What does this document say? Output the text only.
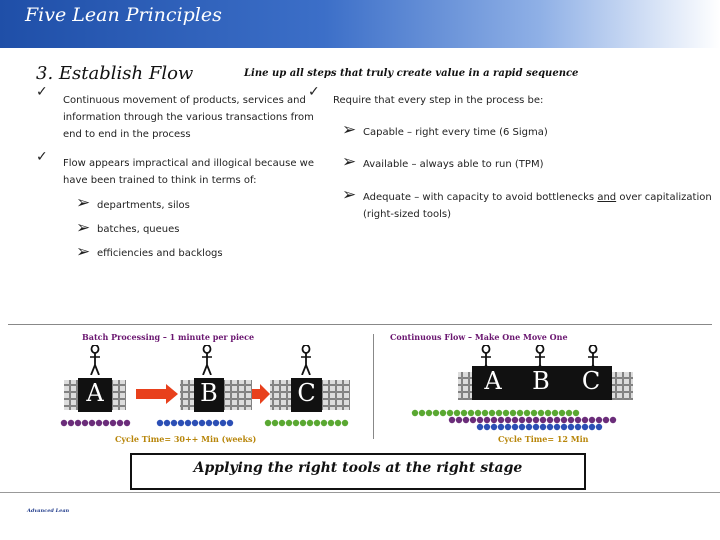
Five Lean Principles
3. Establish Flow	Line up all steps that truly create value in a rapid sequence
✓
Continuous movement of products, services and
information through the various transactions from
end to end in the process
✓ Flow appears impractical and illogical because we
have been trained to think in terms of:
➢ departments, silos
➢ batches, queues
➢ efficiencies and backlogs
✓
Require that every step in the process be:
➢ Capable – right every time (6 Sigma)
➢ Available – always able to run (TPM)
➢ Adequate – with capacity to avoid bottlenecks and over capitalization
(right-sized tools)
Batch Processing – 1 minute per piece	Continuous Flow – Make One Move One
Cycle Time= 30++ Min (weeks)	Cycle Time= 12 Min
A	B	C	A	B	C
Applying the right tools at the right stage
Advanced Lean
